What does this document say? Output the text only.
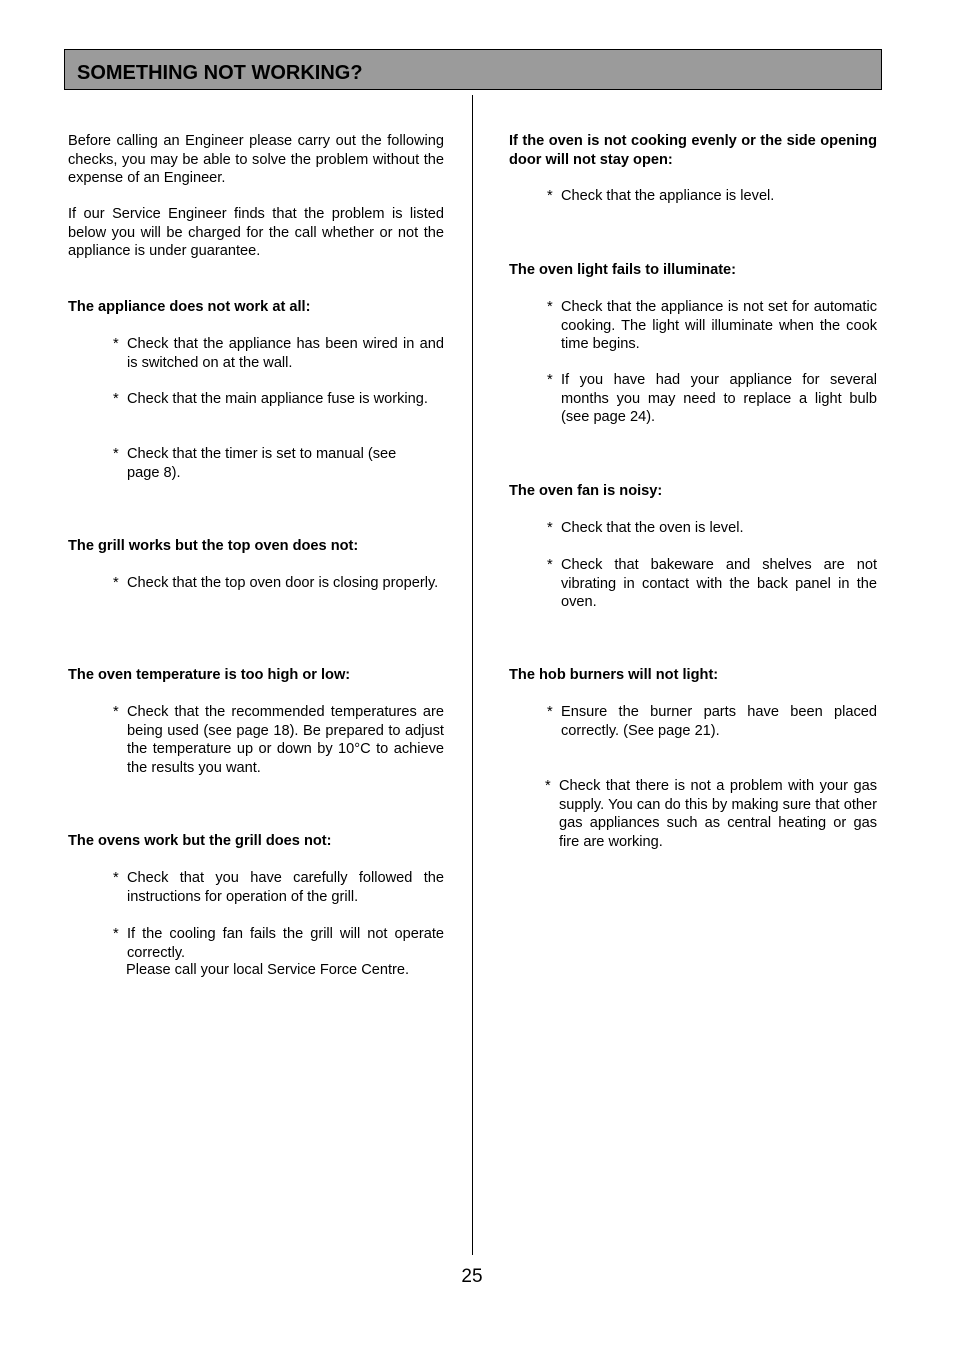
SOMETHING NOT WORKING?

Before calling an Engineer please carry out the following checks, you may be able to solve the problem without the expense of an Engineer.

If our Service Engineer finds that the problem is listed below you will be charged for the call whether or not the appliance is under guarantee.

The appliance does not work at all:
* Check that the appliance has been wired in and is switched on at the wall.
* Check that the main appliance fuse is working.
* Check that the timer is set to manual (see page 8).
The grill works but the top oven does not:
* Check that the top oven door is closing properly.
The oven temperature is too high or low:
* Check that the recommended temperatures are being used (see page 18). Be prepared to adjust the temperature up or down by 10°C to achieve the results you want.
The ovens work but the grill does not:
* Check that you have carefully followed the instructions for operation of the grill.
* If the cooling fan fails the grill will not operate correctly.
Please call your local Service Force Centre.

If the oven is not cooking evenly or the side opening door will not stay open:

* Check that the appliance is level.
The oven light fails to illuminate:
* Check that the appliance is not set for automatic cooking. The light will illuminate when the cook time begins.
* If you have had your appliance for several months you may need to replace a light bulb (see page 24).
The oven fan is noisy:
* Check that the oven is level.
* Check that bakeware and shelves are not vibrating in contact with the back panel in the oven.
The hob burners will not light:
* Ensure the burner parts have been placed correctly. (See page 21).
* Check that there is not a problem with your gas supply. You can do this by making sure that other gas appliances such as central heating or gas fire are working.
25
